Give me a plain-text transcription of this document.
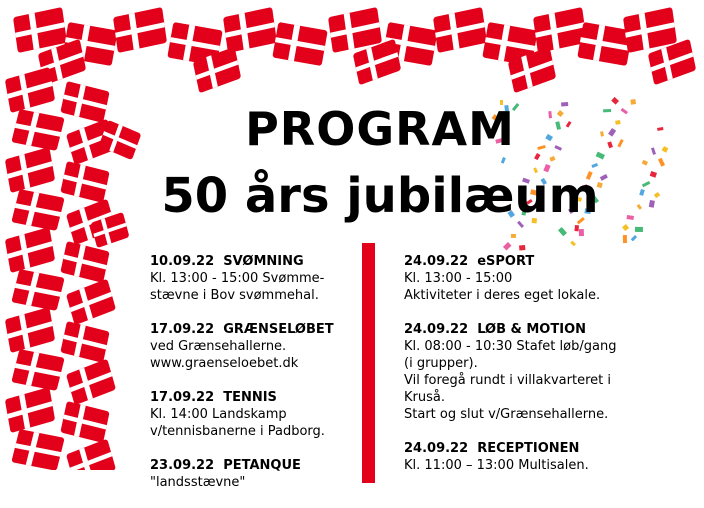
PROGRAM
50 års jubilæum
10.09.22  SVØMNING
Kl. 13:00 - 15:00 Svømme-
stævne i Bov svømmehal.
17.09.22  GRÆNSELØBET
ved Grænsehallerne.
www.graenseloebet.dk
17.09.22  TENNIS
Kl. 14:00 Landskamp
v/tennisbanerne i Padborg.
23.09.22  PETANQUE
"landsstævne"
24.09.22  eSPORT
Kl. 13:00 - 15:00
Aktiviteter i deres eget lokale.
24.09.22  LØB & MOTION
Kl. 08:00 - 10:30 Stafet løb/gang
(i grupper).
Vil foregå rundt i villakvarteret i
Kruså.
Start og slut v/Grænsehallerne.
24.09.22  RECEPTIONEN
Kl. 11:00 – 13:00 Multisalen.
